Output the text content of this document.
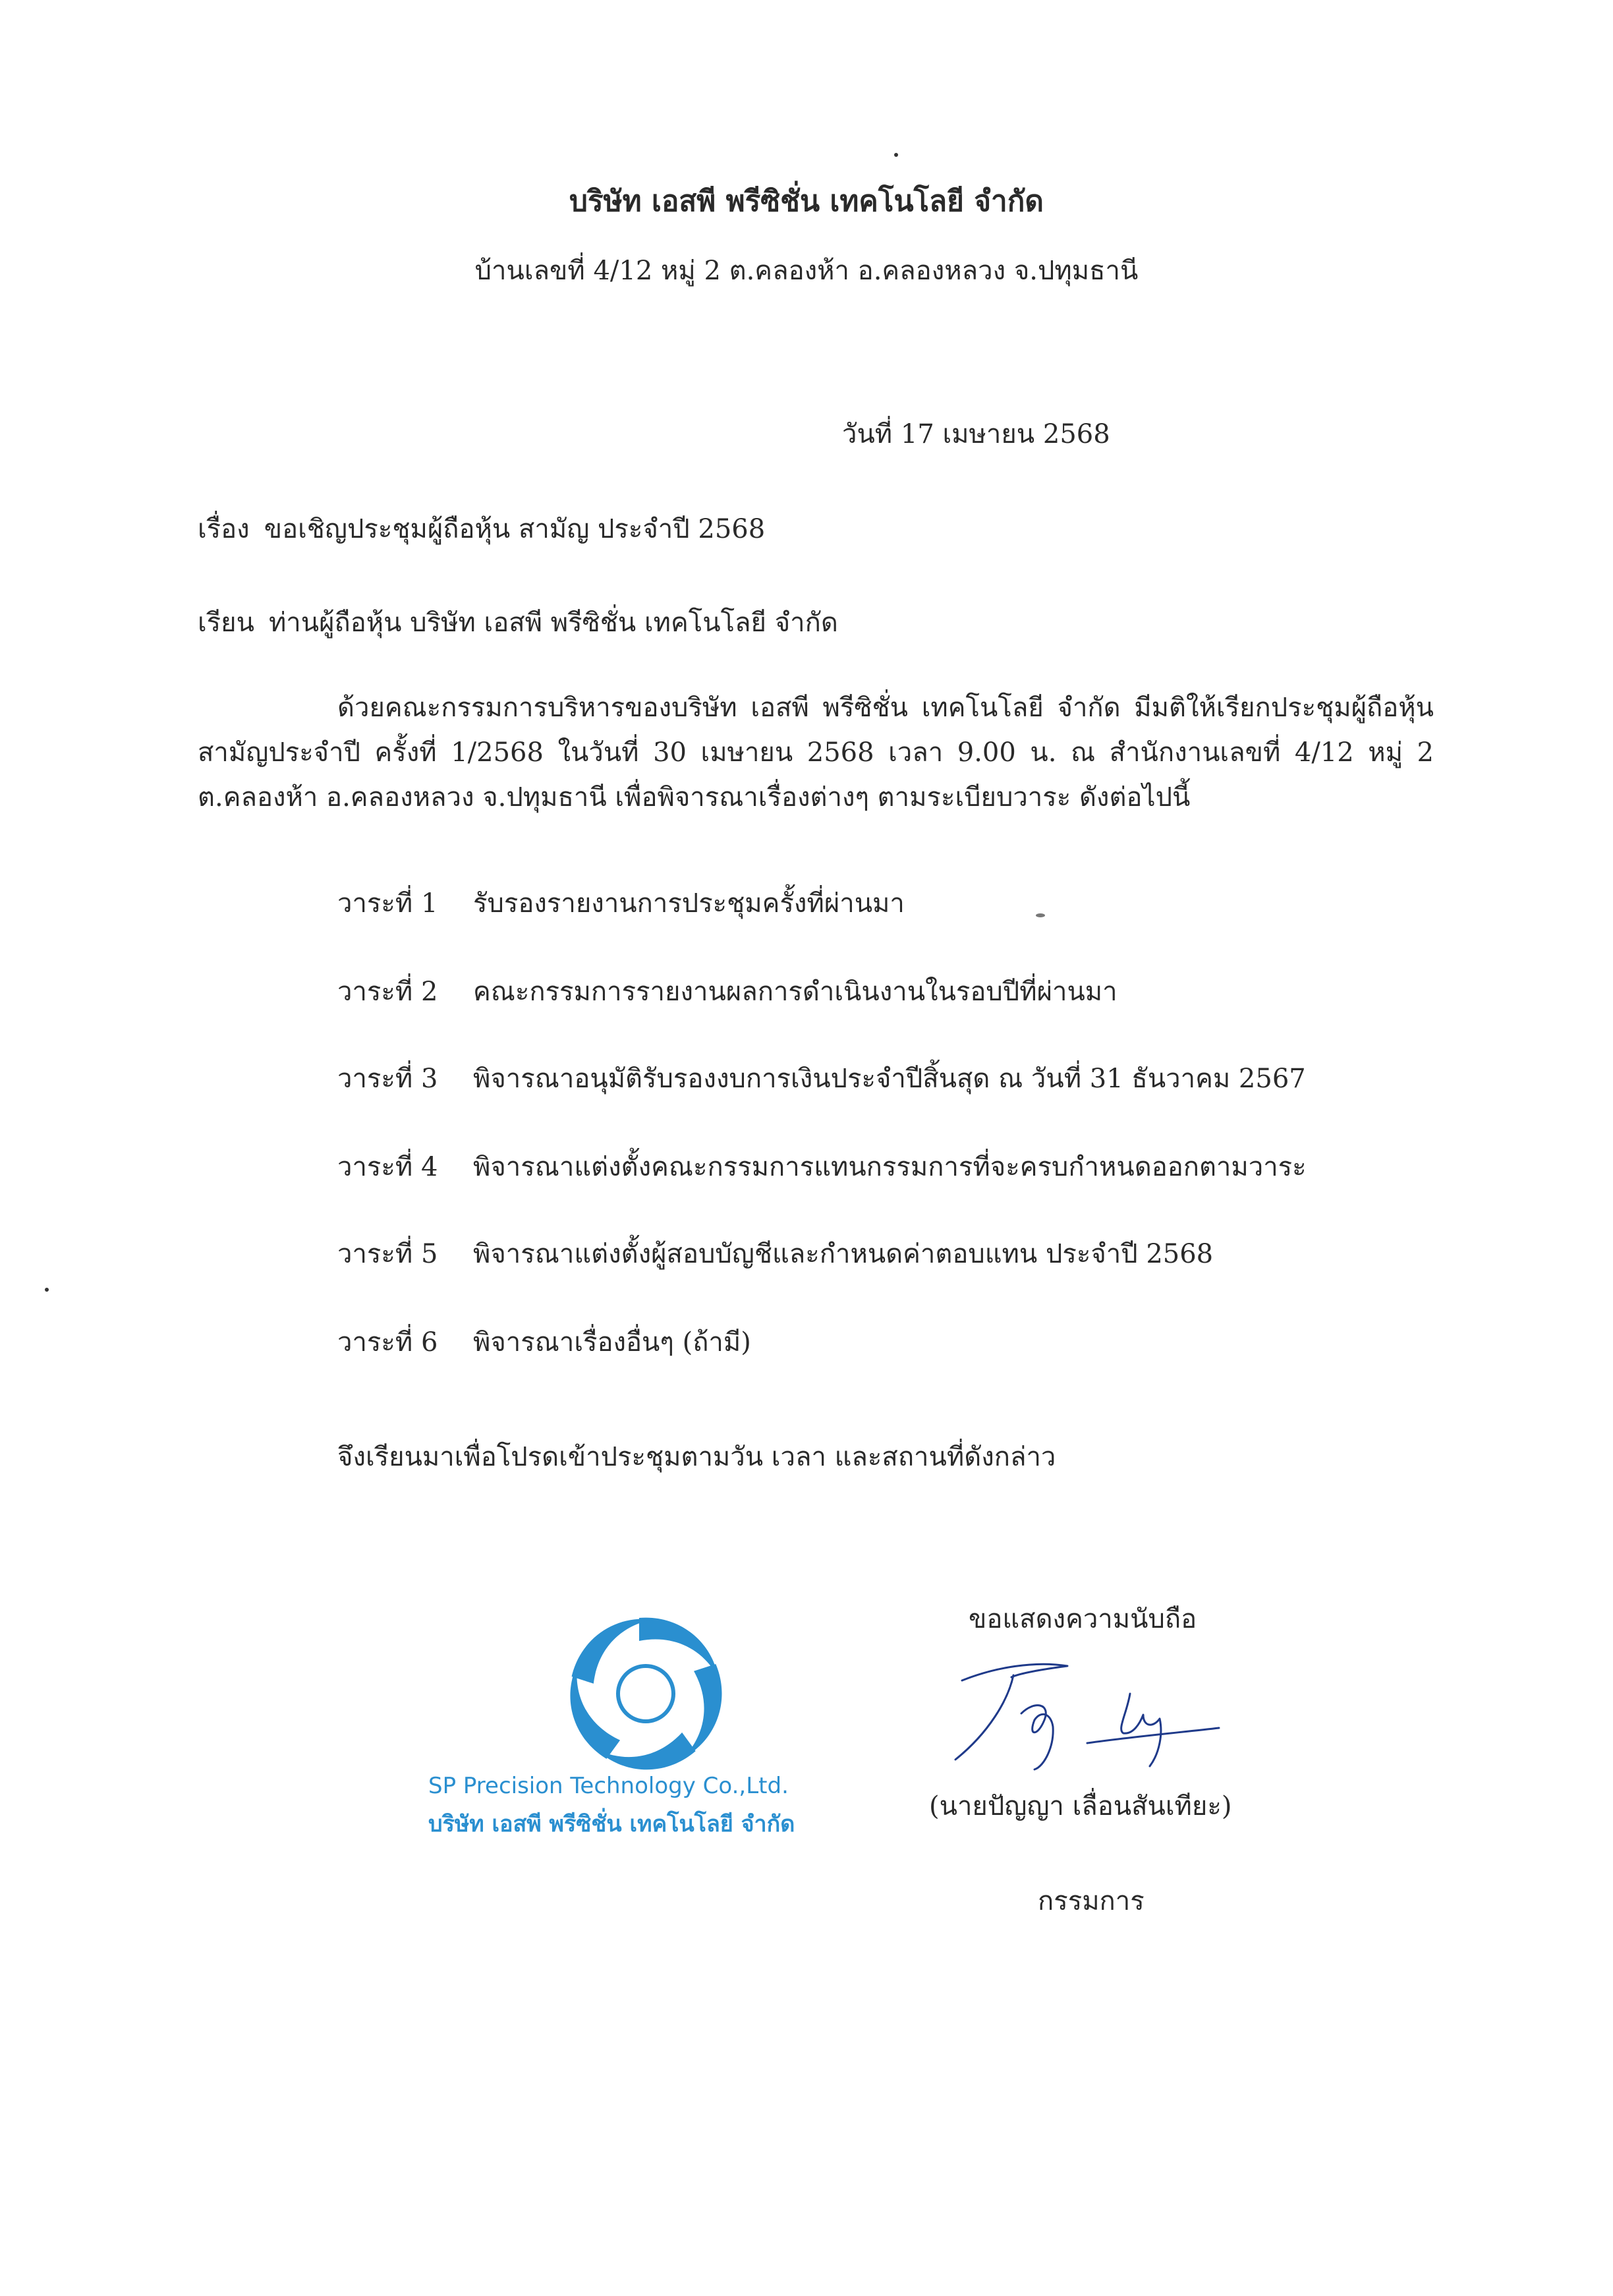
บริษัท เอสพี พรีซิชั่น เทคโนโลยี จำกัด
บ้านเลขที่ 4/12 หมู่ 2 ต.คลองห้า อ.คลองหลวง จ.ปทุมธานี
วันที่ 17 เมษายน 2568
เรื่อง ขอเชิญประชุมผู้ถือหุ้น สามัญ ประจำปี 2568
เรียน ท่านผู้ถือหุ้น บริษัท เอสพี พรีซิชั่น เทคโนโลยี จำกัด
ด้วยคณะกรรมการบริหารของบริษัท เอสพี พรีซิชั่น เทคโนโลยี จำกัด มีมติให้เรียกประชุมผู้ถือหุ้นสามัญประจำปี ครั้งที่ 1/2568 ในวันที่ 30 เมษายน 2568 เวลา 9.00 น. ณ สำนักงานเลขที่ 4/12 หมู่ 2 ต.คลองห้า อ.คลองหลวง จ.ปทุมธานี เพื่อพิจารณาเรื่องต่างๆ ตามระเบียบวาระ ดังต่อไปนี้
วาระที่ 1 รับรองรายงานการประชุมครั้งที่ผ่านมา
วาระที่ 2 คณะกรรมการรายงานผลการดำเนินงานในรอบปีที่ผ่านมา
วาระที่ 3 พิจารณาอนุมัติรับรองงบการเงินประจำปีสิ้นสุด ณ วันที่ 31 ธันวาคม 2567
วาระที่ 4 พิจารณาแต่งตั้งคณะกรรมการแทนกรรมการที่จะครบกำหนดออกตามวาระ
วาระที่ 5 พิจารณาแต่งตั้งผู้สอบบัญชีและกำหนดค่าตอบแทน ประจำปี 2568
วาระที่ 6 พิจารณาเรื่องอื่นๆ (ถ้ามี)
จึงเรียนมาเพื่อโปรดเข้าประชุมตามวัน เวลา และสถานที่ดังกล่าว
SP Precision Technology Co.,Ltd.
บริษัท เอสพี พรีซิชั่น เทคโนโลยี จำกัด
ขอแสดงความนับถือ
(นายปัญญา เลื่อนสันเทียะ)
กรรมการ
